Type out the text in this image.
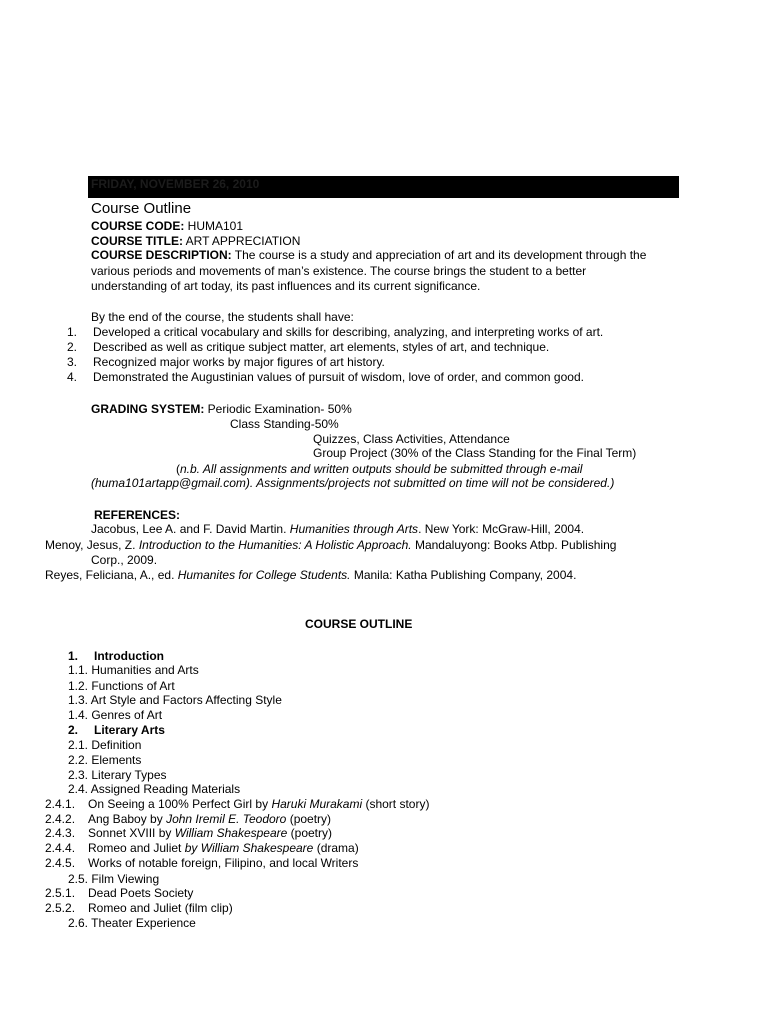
FRIDAY, NOVEMBER 26, 2010
Course Outline
COURSE CODE: HUMA101
COURSE TITLE: ART APPRECIATION
COURSE DESCRIPTION: The course is a study and appreciation of art and its development through the
various periods and movements of man’s existence. The course brings the student to a better
understanding of art today, its past influences and its current significance.
By the end of the course, the students shall have:
1. Developed a critical vocabulary and skills for describing, analyzing, and interpreting works of art.
2. Described as well as critique subject matter, art elements, styles of art, and technique.
3. Recognized major works by major figures of art history.
4. Demonstrated the Augustinian values of pursuit of wisdom, love of order, and common good.
GRADING SYSTEM: Periodic Examination- 50%
Class Standing-50%
Quizzes, Class Activities, Attendance
Group Project (30% of the Class Standing for the Final Term)
(n.b. All assignments and written outputs should be submitted through e-mail
(huma101artapp@gmail.com). Assignments/projects not submitted on time will not be considered.)
REFERENCES:
Jacobus, Lee A. and F. David Martin. Humanities through Arts. New York: McGraw-Hill, 2004.
Menoy, Jesus, Z. Introduction to the Humanities: A Holistic Approach. Mandaluyong: Books Atbp. Publishing
Corp., 2009.
Reyes, Feliciana, A., ed. Humanites for College Students. Manila: Katha Publishing Company, 2004.
COURSE OUTLINE
1. Introduction
1.1. Humanities and Arts
1.2. Functions of Art
1.3. Art Style and Factors Affecting Style
1.4. Genres of Art
2. Literary Arts
2.1. Definition
2.2. Elements
2.3. Literary Types
2.4. Assigned Reading Materials
2.4.1. On Seeing a 100% Perfect Girl by Haruki Murakami (short story)
2.4.2. Ang Baboy by John Iremil E. Teodoro (poetry)
2.4.3. Sonnet XVIII by William Shakespeare (poetry)
2.4.4. Romeo and Juliet by William Shakespeare (drama)
2.4.5. Works of notable foreign, Filipino, and local Writers
2.5. Film Viewing
2.5.1. Dead Poets Society
2.5.2. Romeo and Juliet (film clip)
2.6. Theater Experience
